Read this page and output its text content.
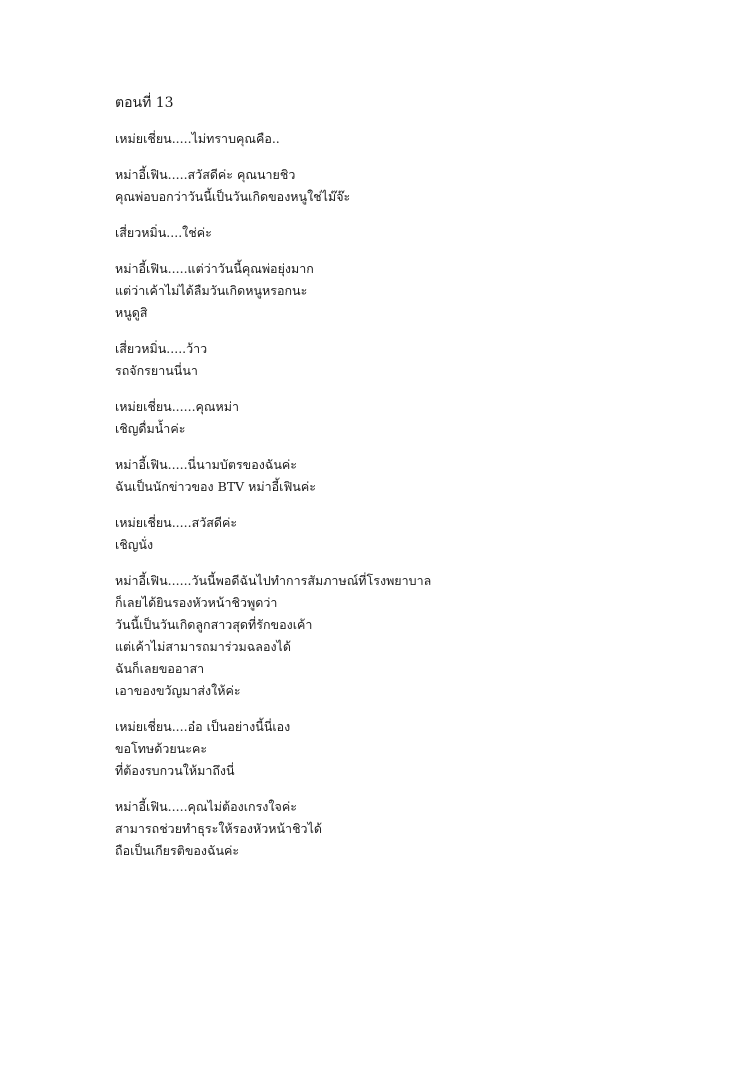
ตอนที่ 13
เหม่ยเชี่ยน.....ไม่ทราบคุณคือ..
หม่าอี้เฟิน.....สวัสดีค่ะ คุณนายชิว
คุณพ่อบอกว่าวันนี้เป็นวันเกิดของหนูใช่ไม๊จ๊ะ
เสี่ยวหมิ่น....ใช่ค่ะ
หม่าอี้เฟิน.....แต่ว่าวันนี้คุณพ่อยุ่งมาก
แต่ว่าเค้าไม่ได้ลืมวันเกิดหนูหรอกนะ
หนูดูสิ
เสี่ยวหมิ่น.....ว้าว
รถจักรยานนี่นา
เหม่ยเชี่ยน......คุณหม่า
เชิญดื่มน้ำค่ะ
หม่าอี้เฟิน.....นี่นามบัตรของฉันค่ะ
ฉันเป็นนักข่าวของ BTV หม่าอี้เฟินค่ะ
เหม่ยเชี่ยน.....สวัสดีค่ะ
เชิญนั่ง
หม่าอี้เฟิน......วันนี้พอดีฉันไปทำการสัมภาษณ์ที่โรงพยาบาล
ก็เลยได้ยินรองหัวหน้าชิวพูดว่า
วันนี้เป็นวันเกิดลูกสาวสุดที่รักของเค้า
แต่เค้าไม่สามารถมาร่วมฉลองได้
ฉันก็เลยขออาสา
เอาของขวัญมาส่งให้ค่ะ
เหม่ยเชี่ยน....อ๋อ เป็นอย่างนี้นี่เอง
ขอโทษด้วยนะคะ
ที่ต้องรบกวนให้มาถึงนี่
หม่าอี้เฟิน.....คุณไม่ต้องเกรงใจค่ะ
สามารถช่วยทำธุระให้รองหัวหน้าชิวได้
ถือเป็นเกียรติของฉันค่ะ
